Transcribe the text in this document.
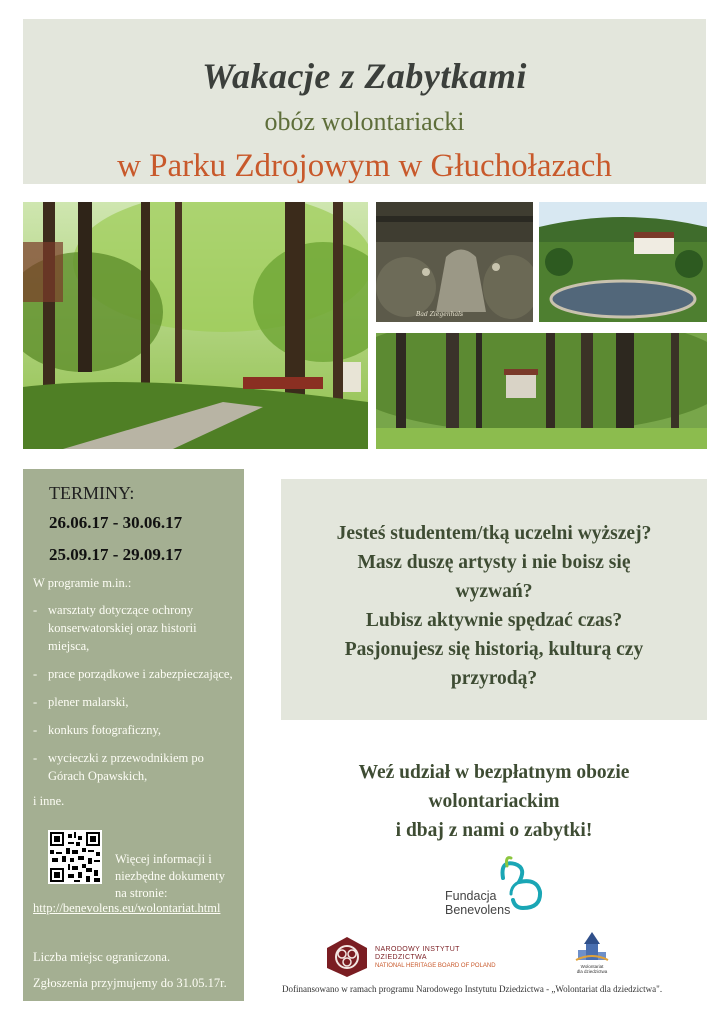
Wakacje z Zabytkami
obóz wolontariacki
w Parku Zdrojowym w Głuchołazach
Bad Ziegenhals
TERMINY:
26.06.17 - 30.06.17
25.09.17 - 29.09.17
W programie m.in.:
- warsztaty dotyczące ochrony konserwatorskiej oraz historii miejsca,
- prace porządkowe i zabezpieczające,
- plener malarski,
- konkurs fotograficzny,
- wycieczki z przewodnikiem po Górach Opawskich,
i inne.
Więcej informacji i niezbędne dokumenty na stronie:
http://benevolens.eu/wolontariat.html
Liczba miejsc ograniczona.
Zgłoszenia przyjmujemy do 31.05.17r.
Jesteś studentem/tką uczelni wyższej?
Masz duszę artysty i nie boisz się
wyzwań?
Lubisz aktywnie spędzać czas?
Pasjonujesz się historią, kulturą czy
przyrodą?
Weź udział w bezpłatnym obozie
wolontariackim
i dbaj z nami o zabytki!
Fundacja
Benevolens
NARODOWY INSTYTUT
DZIEDZICTWA
NATIONAL HERITAGE BOARD OF POLAND	Wolontariat
dla dziedzictwa
Dofinansowano w ramach programu Narodowego Instytutu Dziedzictwa - „Wolontariat dla dziedzictwa".
